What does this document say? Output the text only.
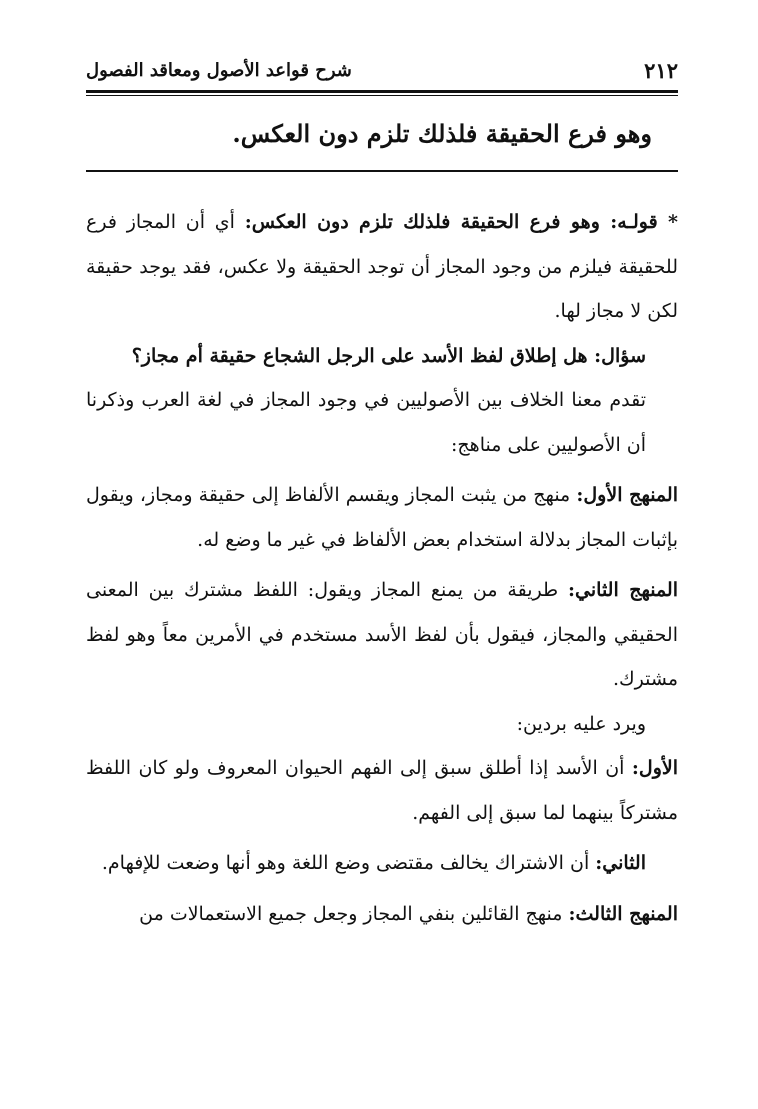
٢١٢
شرح قواعد الأصول ومعاقد الفصول
وهو فرع الحقيقة فلذلك تلزم دون العكس.

* قولـه: وهو فرع الحقيقة فلذلك تلزم دون العكس: أي أن المجاز فرع للحقيقة فيلزم من وجود المجاز أن توجد الحقيقة ولا عكس، فقد يوجد حقيقة لكن لا مجاز لها.

سؤال: هل إطلاق لفظ الأسد على الرجل الشجاع حقيقة أم مجاز؟

تقدم معنا الخلاف بين الأصوليين في وجود المجاز في لغة العرب وذكرنا أن الأصوليين على مناهج:

المنهج الأول: منهج من يثبت المجاز ويقسم الألفاظ إلى حقيقة ومجاز، ويقول بإثبات المجاز بدلالة استخدام بعض الألفاظ في غير ما وضع له.

المنهج الثاني: طريقة من يمنع المجاز ويقول: اللفظ مشترك بين المعنى الحقيقي والمجاز، فيقول بأن لفظ الأسد مستخدم في الأمرين معاً وهو لفظ مشترك.

ويرد عليه بردين:

الأول: أن الأسد إذا أطلق سبق إلى الفهم الحيوان المعروف ولو كان اللفظ مشتركاً بينهما لما سبق إلى الفهم.

الثاني: أن الاشتراك يخالف مقتضى وضع اللغة وهو أنها وضعت للإفهام.

المنهج الثالث: منهج القائلين بنفي المجاز وجعل جميع الاستعمالات من
